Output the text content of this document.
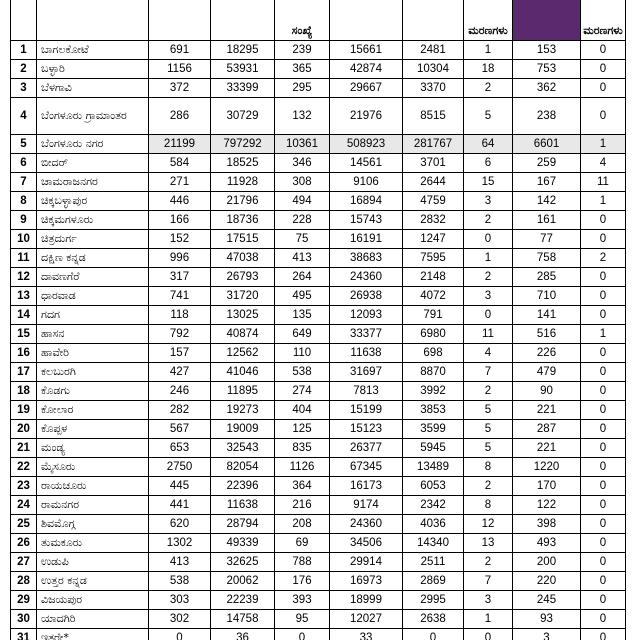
				ಸಂಖ್ಯೆ			ಮರಣಗಳು		ಮರಣಗಳು
1	ಬಾಗಲಕೋಟೆ	691	18295	239	15661	2481	1	153	0
2	ಬಳ್ಳಾರಿ	1156	53931	365	42874	10304	18	753	0
3	ಬೆಳಗಾವಿ	372	33399	295	29667	3370	2	362	0
4	ಬೆಂಗಳೂರು ಗ್ರಾಮಾಂತರ	286	30729	132	21976	8515	5	238	0
5	ಬೆಂಗಳೂರು ನಗರ	21199	797292	10361	508923	281767	64	6601	1
6	ಬೀದರ್	584	18525	346	14561	3701	6	259	4
7	ಚಾಮರಾಜನಗರ	271	11928	308	9106	2644	15	167	11
8	ಚಿಕ್ಕಬಳ್ಳಾಪುರ	446	21796	494	16894	4759	3	142	1
9	ಚಿಕ್ಕಮಗಳೂರು	166	18736	228	15743	2832	2	161	0
10	ಚಿತ್ರದುರ್ಗ	152	17515	75	16191	1247	0	77	0
11	ದಕ್ಷಿಣ ಕನ್ನಡ	996	47038	413	38683	7595	1	758	2
12	ದಾವಣಗೆರೆ	317	26793	264	24360	2148	2	285	0
13	ಧಾರವಾಡ	741	31720	495	26938	4072	3	710	0
14	ಗದಗ	118	13025	135	12093	791	0	141	0
15	ಹಾಸನ	792	40874	649	33377	6980	11	516	1
16	ಹಾವೇರಿ	157	12562	110	11638	698	4	226	0
17	ಕಲಬುರಗಿ	427	41046	538	31697	8870	7	479	0
18	ಕೊಡಗು	246	11895	274	7813	3992	2	90	0
19	ಕೋಲಾರ	282	19273	404	15199	3853	5	221	0
20	ಕೊಪ್ಪಳ	567	19009	125	15123	3599	5	287	0
21	ಮಂಡ್ಯ	653	32543	835	26377	5945	5	221	0
22	ಮೈಸೂರು	2750	82054	1126	67345	13489	8	1220	0
23	ರಾಯಚೂರು	445	22396	364	16173	6053	2	170	0
24	ರಾಮನಗರ	441	11638	216	9174	2342	8	122	0
25	ಶಿವಮೊಗ್ಗ	620	28794	208	24360	4036	12	398	0
26	ತುಮಕೂರು	1302	49339	69	34506	14340	13	493	0
27	ಉಡುಪಿ	413	32625	788	29914	2511	2	200	0
28	ಉತ್ತರ ಕನ್ನಡ	538	20062	176	16973	2869	7	220	0
29	ವಿಜಯಪುರ	303	22239	393	18999	2995	3	245	0
30	ಯಾದಗಿರಿ	302	14758	95	12027	2638	1	93	0
31	ಇತರೇ*	0	36	0	33	0	0	3	0
